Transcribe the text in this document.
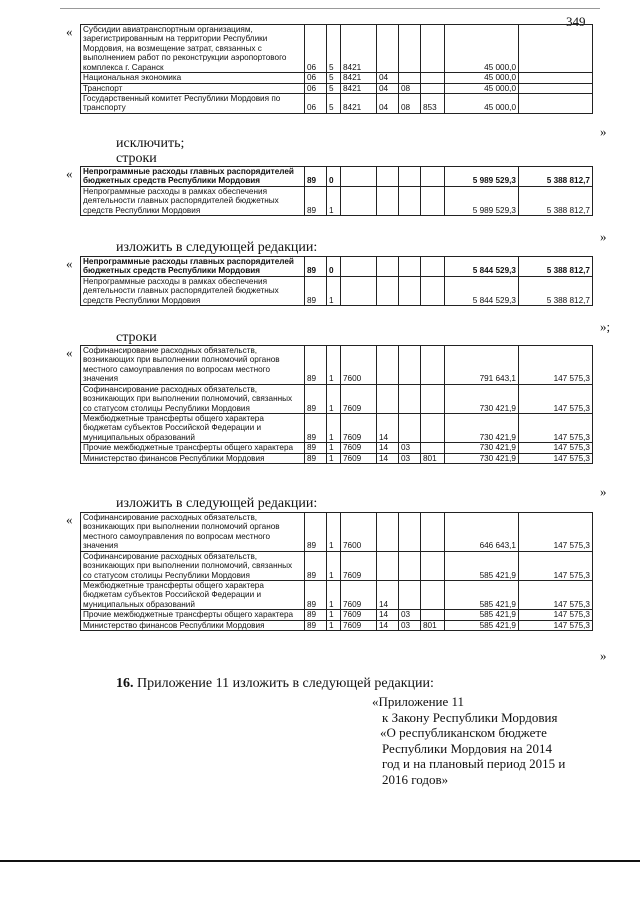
349
« Субсидии авиатранспортным организациям, зарегистрированным на территории Республики Мордовия, на возмещение затрат, связанных с выполнением работ по реконструкции аэропортового комплекса г. Саранск	06	5	8421				45 000,0	
Национальная экономика	06	5	8421	04			45 000,0	
Транспорт	06	5	8421	04	08		45 000,0	
Государственный комитет Республики Мордовия по транспорту	06	5	8421	04	08	853	45 000,0	
»
исключить;
строки
« Непрограммные расходы главных распорядителей бюджетных средств Республики Мордовия	89	0					5 989 529,3	5 388 812,7
Непрограммные расходы в рамках обеспечения деятельности главных распорядителей бюджетных средств Республики Мордовия	89	1					5 989 529,3	5 388 812,7
»
изложить в следующей редакции:
« Непрограммные расходы главных распорядителей бюджетных средств Республики Мордовия	89	0					5 844 529,3	5 388 812,7
Непрограммные расходы в рамках обеспечения деятельности главных распорядителей бюджетных средств Республики Мордовия	89	1					5 844 529,3	5 388 812,7
»;
строки
« Софинансирование расходных обязательств, возникающих при выполнении полномочий органов местного самоуправления по вопросам местного значения	89	1	7600				791 643,1	147 575,3
Софинансирование расходных обязательств, возникающих при выполнении полномочий, связанных со статусом столицы Республики Мордовия	89	1	7609				730 421,9	147 575,3
Межбюджетные трансферты общего характера бюджетам субъектов Российской Федерации и муниципальных образований	89	1	7609	14			730 421,9	147 575,3
Прочие межбюджетные трансферты общего характера	89	1	7609	14	03		730 421,9	147 575,3
Министерство финансов Республики Мордовия	89	1	7609	14	03	801	730 421,9	147 575,3
»
изложить в следующей редакции:
« Софинансирование расходных обязательств, возникающих при выполнении полномочий органов местного самоуправления по вопросам местного значения	89	1	7600				646 643,1	147 575,3
Софинансирование расходных обязательств, возникающих при выполнении полномочий, связанных со статусом столицы Республики Мордовия	89	1	7609				585 421,9	147 575,3
Межбюджетные трансферты общего характера бюджетам субъектов Российской Федерации и муниципальных образований	89	1	7609	14			585 421,9	147 575,3
Прочие межбюджетные трансферты общего характера	89	1	7609	14	03		585 421,9	147 575,3
Министерство финансов Республики Мордовия	89	1	7609	14	03	801	585 421,9	147 575,3
»
16. Приложение 11 изложить в следующей редакции:
«Приложение 11
к Закону Республики Мордовия
«О республиканском бюджете
Республики Мордовия на 2014
год и на плановый период 2015 и
2016 годов»
